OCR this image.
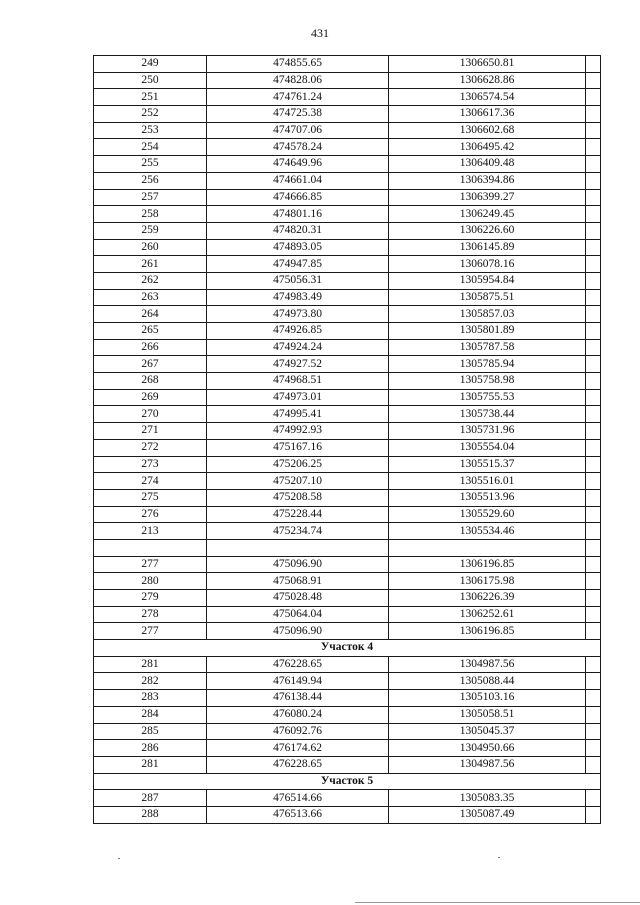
431
249	474855.65	1306650.81	
250	474828.06	1306628.86	
251	474761.24	1306574.54	
252	474725.38	1306617.36	
253	474707.06	1306602.68	
254	474578.24	1306495.42	
255	474649.96	1306409.48	
256	474661.04	1306394.86	
257	474666.85	1306399.27	
258	474801.16	1306249.45	
259	474820.31	1306226.60	
260	474893.05	1306145.89	
261	474947.85	1306078.16	
262	475056.31	1305954.84	
263	474983.49	1305875.51	
264	474973.80	1305857.03	
265	474926.85	1305801.89	
266	474924.24	1305787.58	
267	474927.52	1305785.94	
268	474968.51	1305758.98	
269	474973.01	1305755.53	
270	474995.41	1305738.44	
271	474992.93	1305731.96	
272	475167.16	1305554.04	
273	475206.25	1305515.37	
274	475207.10	1305516.01	
275	475208.58	1305513.96	
276	475228.44	1305529.60	
213	475234.74	1305534.46	

277	475096.90	1306196.85	
280	475068.91	1306175.98	
279	475028.48	1306226.39	
278	475064.04	1306252.61	
277	475096.90	1306196.85	
Участок 4			
281	476228.65	1304987.56	
282	476149.94	1305088.44	
283	476138.44	1305103.16	
284	476080.24	1305058.51	
285	476092.76	1305045.37	
286	476174.62	1304950.66	
281	476228.65	1304987.56	
Участок 5			
287	476514.66	1305083.35	
288	476513.66	1305087.49	
